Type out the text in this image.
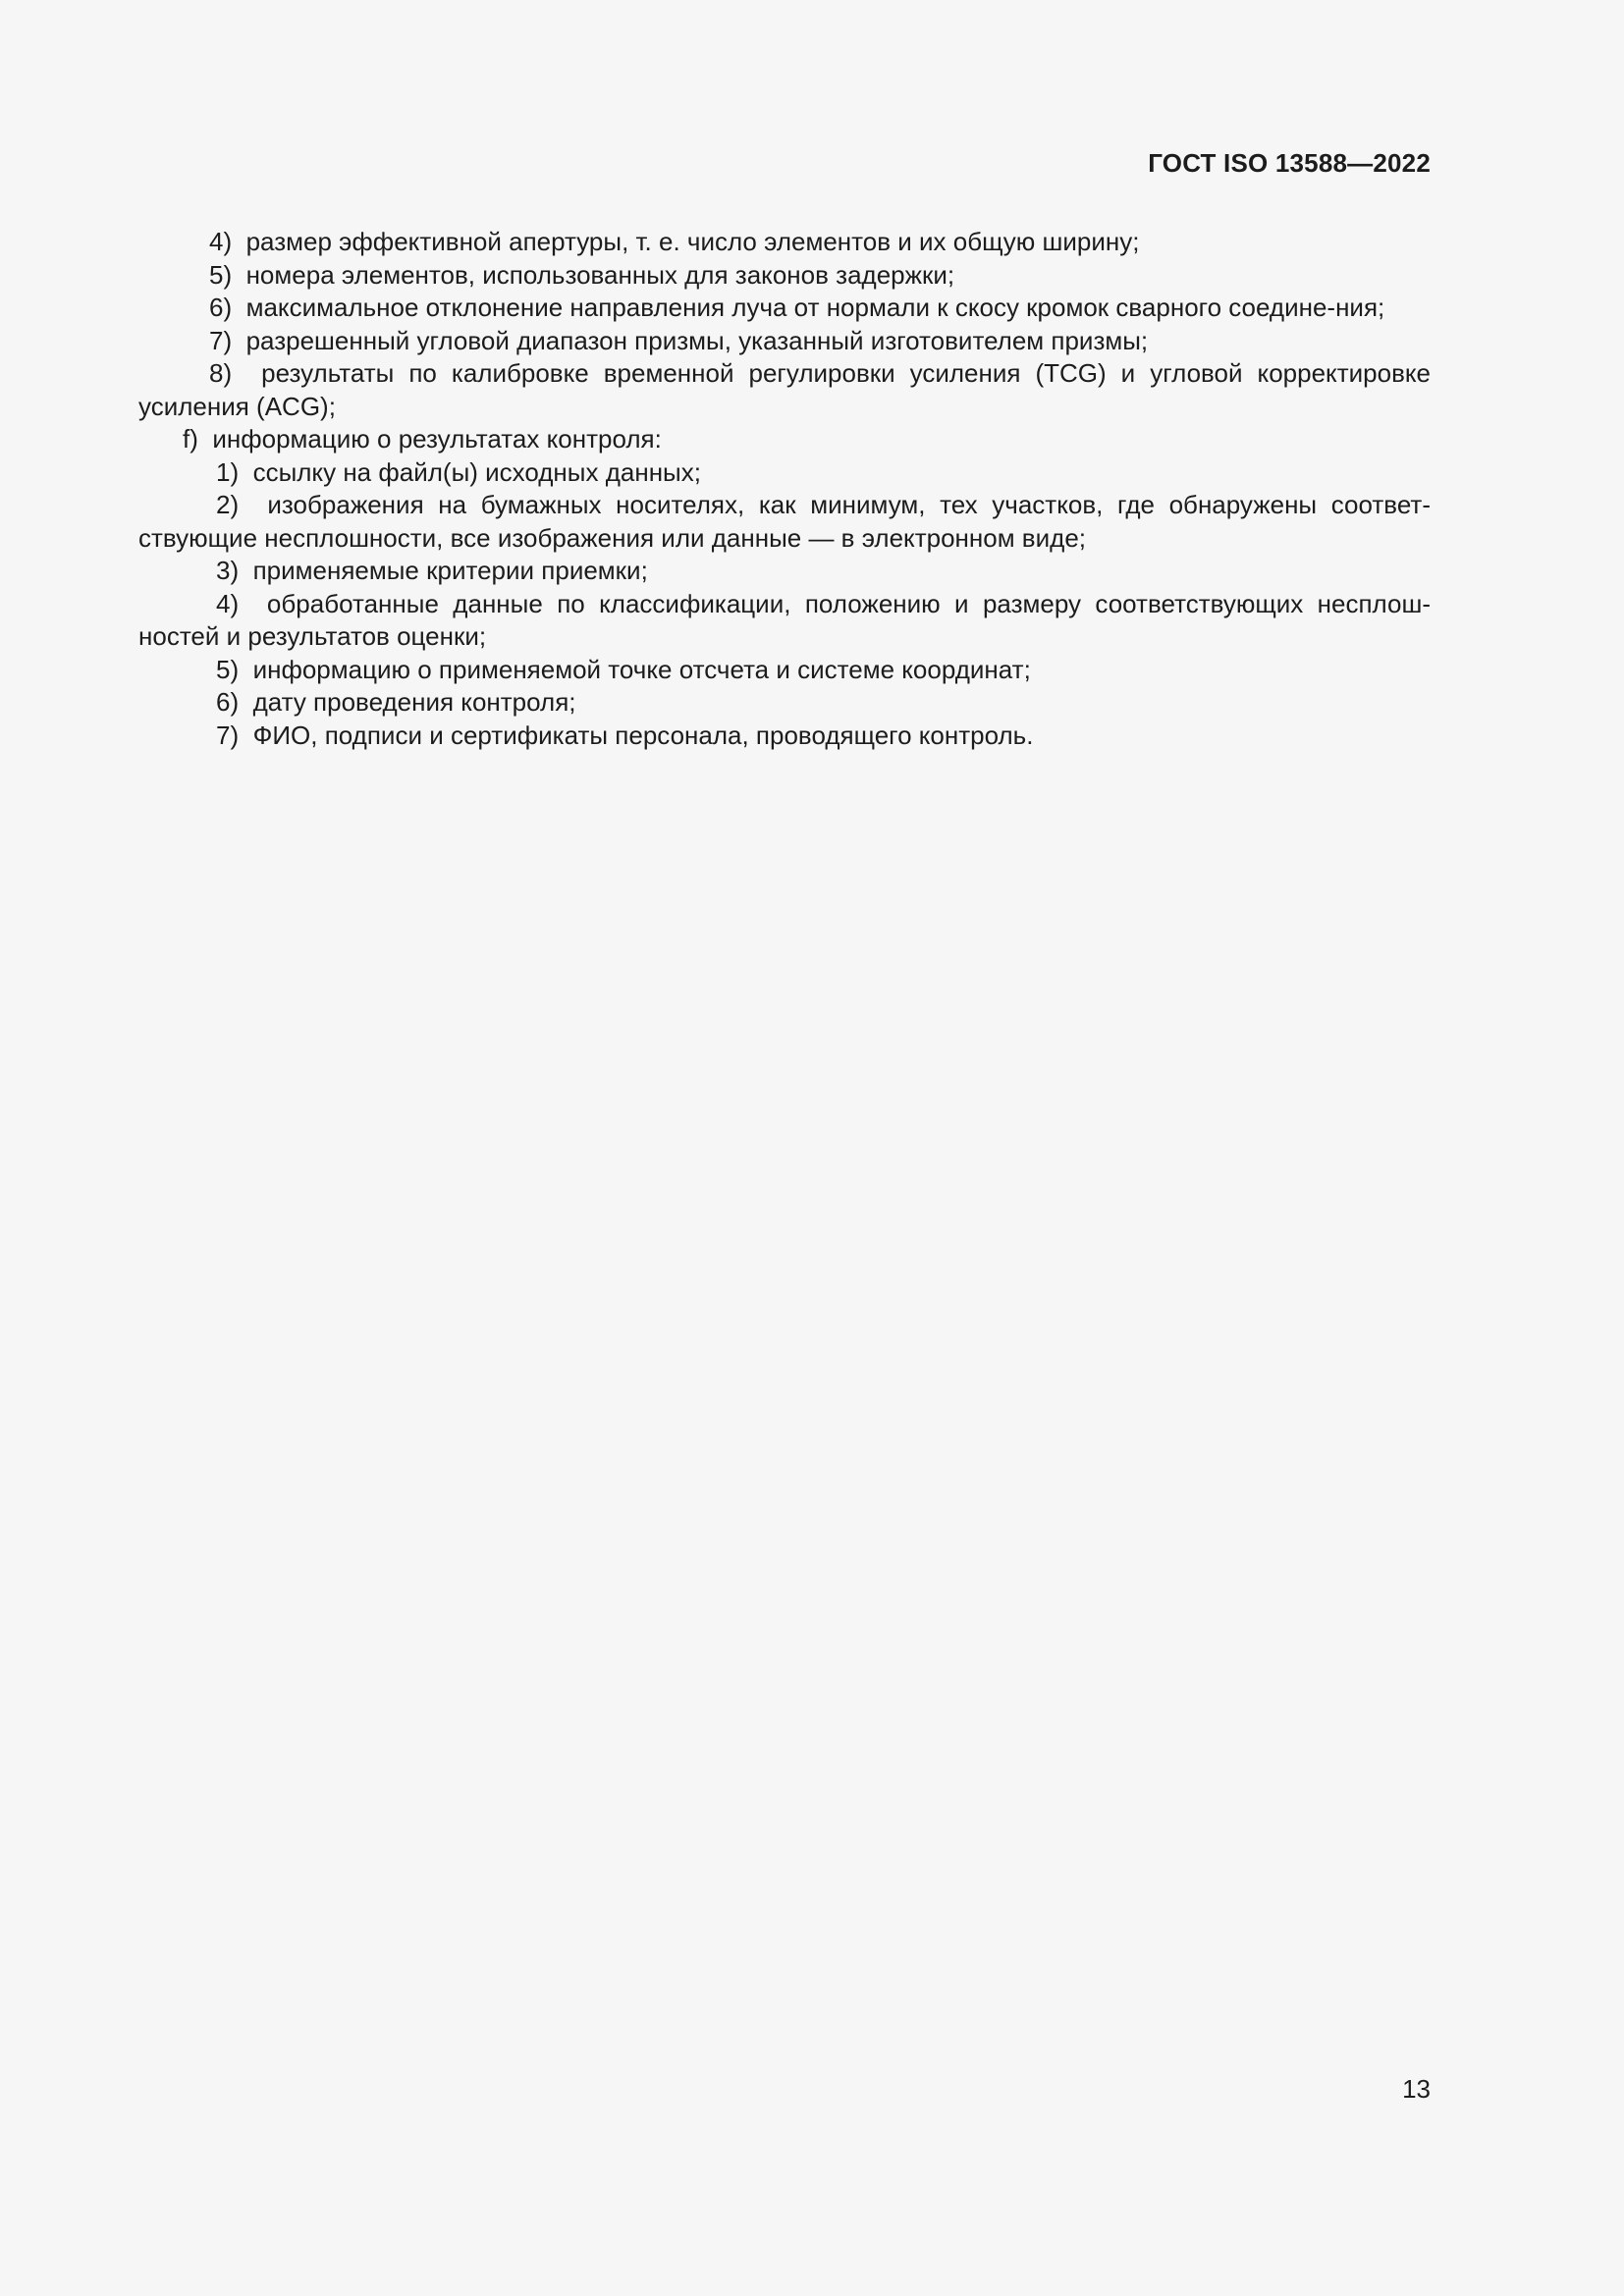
ГОСТ ISO 13588—2022

4) размер эффективной апертуры, т. е. число элементов и их общую ширину;

5) номера элементов, использованных для законов задержки;

6) максимальное отклонение направления луча от нормали к скосу кромок сварного соедине-ния;

7) разрешенный угловой диапазон призмы, указанный изготовителем призмы;

8) результаты по калибровке временной регулировки усиления (TCG) и угловой корректировке усиления (ACG);

f) информацию о результатах контроля:

1) ссылку на файл(ы) исходных данных;

2) изображения на бумажных носителях, как минимум, тех участков, где обнаружены соответ-ствующие несплошности, все изображения или данные — в электронном виде;

3) применяемые критерии приемки;

4) обработанные данные по классификации, положению и размеру соответствующих несплош-ностей и результатов оценки;

5) информацию о применяемой точке отсчета и системе координат;

6) дату проведения контроля;

7) ФИО, подписи и сертификаты персонала, проводящего контроль.

13
